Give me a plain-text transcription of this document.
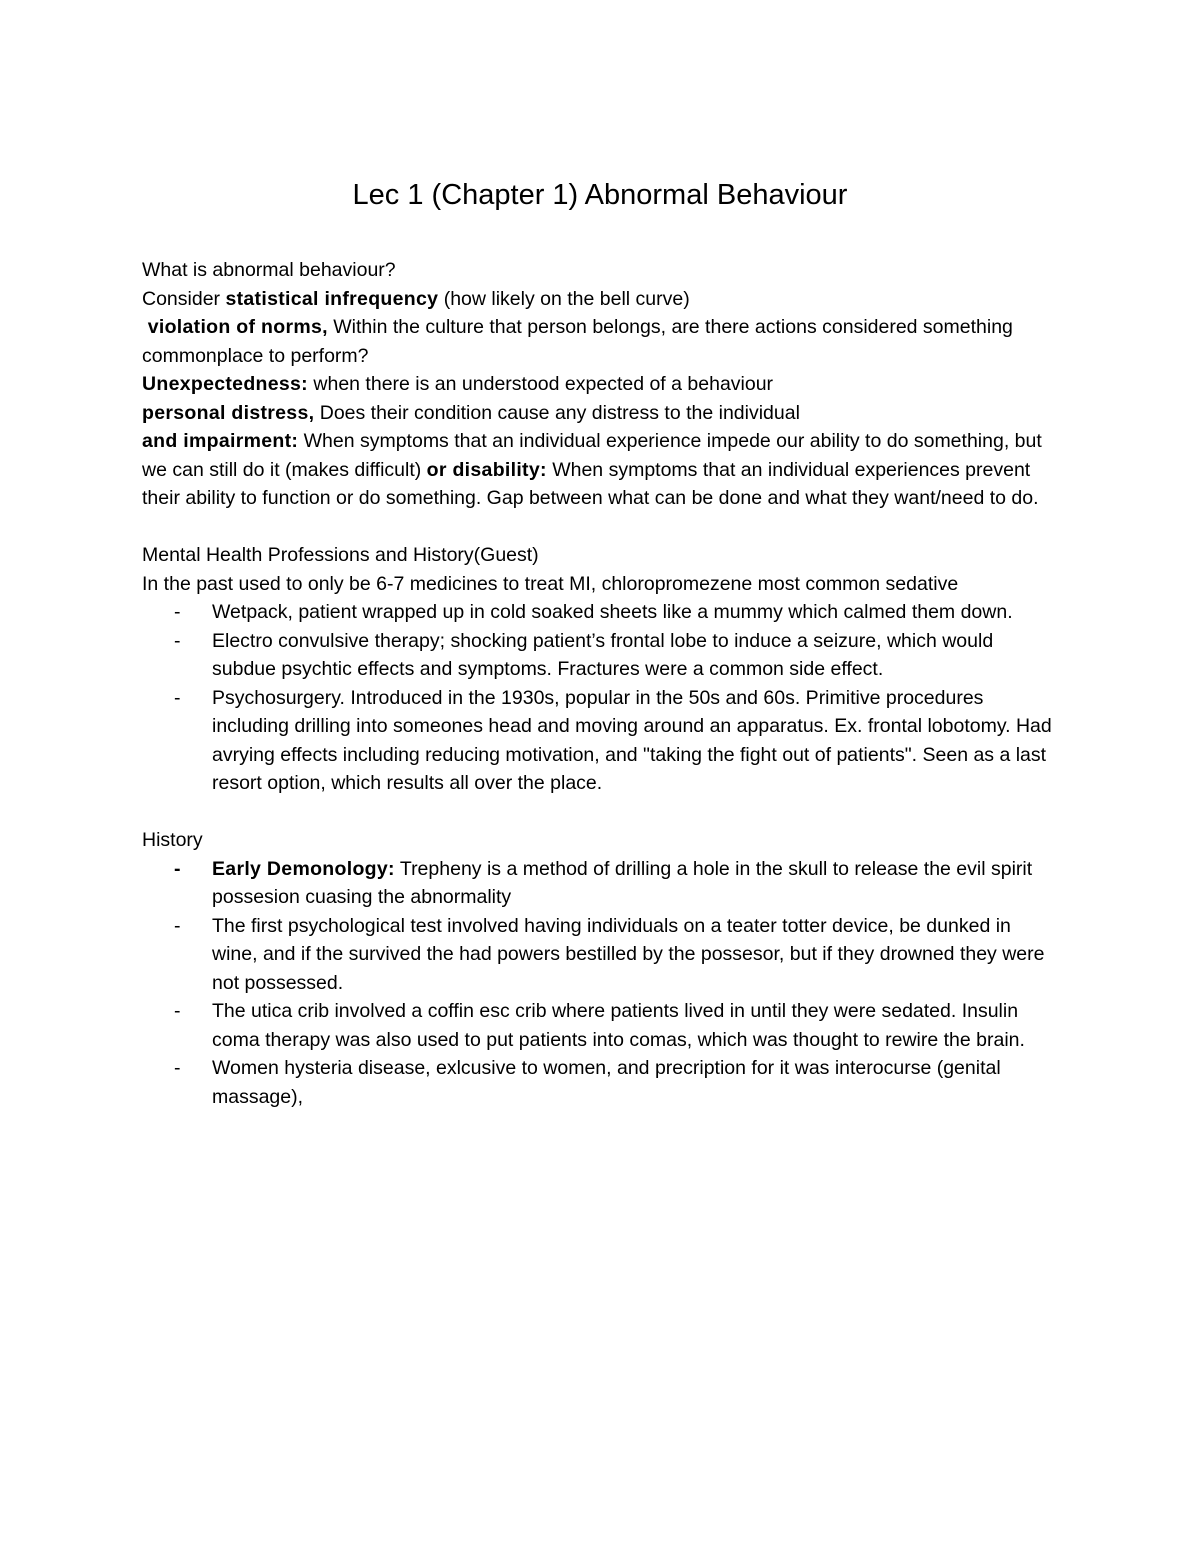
Lec 1 (Chapter 1) Abnormal Behaviour
What is abnormal behaviour?
Consider statistical infrequency (how likely on the bell curve)
violation of norms, Within the culture that person belongs, are there actions considered something commonplace to perform?
Unexpectedness: when there is an understood expected of a behaviour
personal distress, Does their condition cause any distress to the individual
and impairment: When symptoms that an individual experience impede our ability to do something, but we can still do it (makes difficult) or disability: When symptoms that an individual experiences prevent their ability to function or do something. Gap between what can be done and what they want/need to do.
Mental Health Professions and History(Guest)
In the past used to only be 6-7 medicines to treat MI, chloropromezene most common sedative
- Wetpack, patient wrapped up in cold soaked sheets like a mummy which calmed them down.
- Electro convulsive therapy; shocking patient’s frontal lobe to induce a seizure, which would subdue psychtic effects and symptoms. Fractures were a common side effect.
- Psychosurgery. Introduced in the 1930s, popular in the 50s and 60s. Primitive procedures including drilling into someones head and moving around an apparatus. Ex. frontal lobotomy. Had avrying effects including reducing motivation, and "taking the fight out of patients". Seen as a last resort option, which results all over the place.
History
- Early Demonology: Trepheny is a method of drilling a hole in the skull to release the evil spirit possesion cuasing the abnormality
- The first psychological test involved having individuals on a teater totter device, be dunked in wine, and if the survived the had powers bestilled by the possesor, but if they drowned they were not possessed.
- The utica crib involved a coffin esc crib where patients lived in until they were sedated. Insulin coma therapy was also used to put patients into comas, which was thought to rewire the brain.
- Women hysteria disease, exlcusive to women, and precription for it was interocurse (genital massage),
